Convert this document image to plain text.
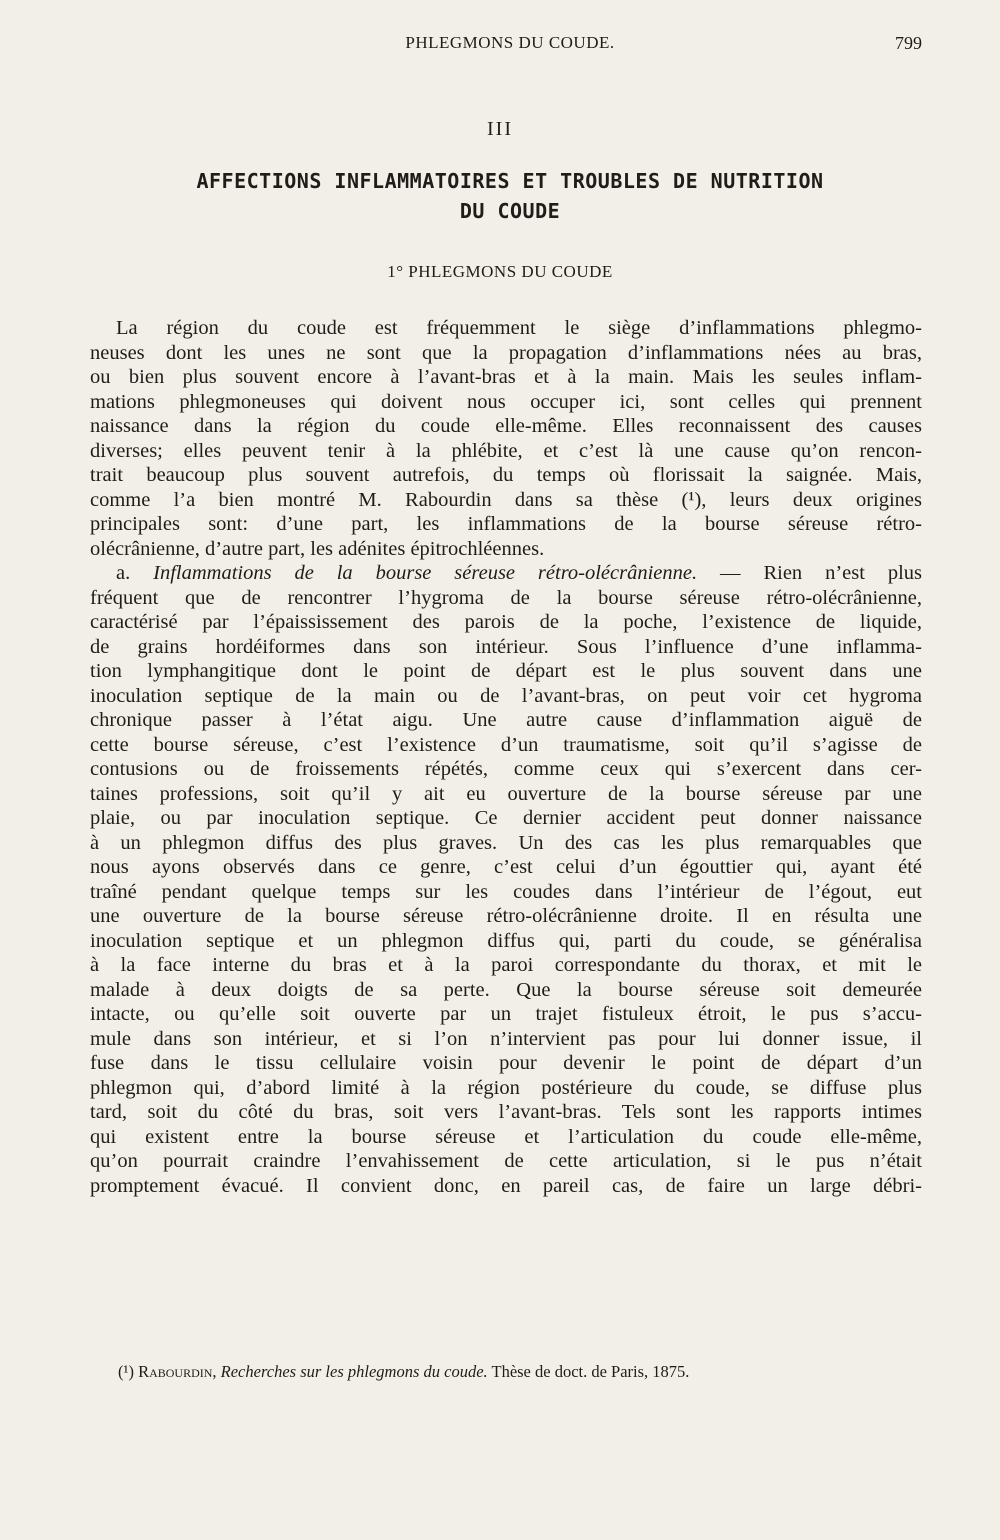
PHLEGMONS DU COUDE.	799
III
AFFECTIONS INFLAMMATOIRES ET TROUBLES DE NUTRITION
DU COUDE
1° PHLEGMONS DU COUDE
La région du coude est fréquemment le siège d’inflammations phlegmo-
neuses dont les unes ne sont que la propagation d’inflammations nées au bras,
ou bien plus souvent encore à l’avant-bras et à la main. Mais les seules inflam-
mations phlegmoneuses qui doivent nous occuper ici, sont celles qui prennent
naissance dans la région du coude elle-même. Elles reconnaissent des causes
diverses; elles peuvent tenir à la phlébite, et c’est là une cause qu’on rencon-
trait beaucoup plus souvent autrefois, du temps où florissait la saignée. Mais,
comme l’a bien montré M. Rabourdin dans sa thèse (¹), leurs deux origines
principales sont: d’une part, les inflammations de la bourse séreuse rétro-
olécrânienne, d’autre part, les adénites épitrochléennes.
a. Inflammations de la bourse séreuse rétro-olécrânienne. — Rien n’est plus
fréquent que de rencontrer l’hygroma de la bourse séreuse rétro-olécrânienne,
caractérisé par l’épaississement des parois de la poche, l’existence de liquide,
de grains hordéiformes dans son intérieur. Sous l’influence d’une inflamma-
tion lymphangitique dont le point de départ est le plus souvent dans une
inoculation septique de la main ou de l’avant-bras, on peut voir cet hygroma
chronique passer à l’état aigu. Une autre cause d’inflammation aiguë de
cette bourse séreuse, c’est l’existence d’un traumatisme, soit qu’il s’agisse de
contusions ou de froissements répétés, comme ceux qui s’exercent dans cer-
taines professions, soit qu’il y ait eu ouverture de la bourse séreuse par une
plaie, ou par inoculation septique. Ce dernier accident peut donner naissance
à un phlegmon diffus des plus graves. Un des cas les plus remarquables que
nous ayons observés dans ce genre, c’est celui d’un égouttier qui, ayant été
traîné pendant quelque temps sur les coudes dans l’intérieur de l’égout, eut
une ouverture de la bourse séreuse rétro-olécrânienne droite. Il en résulta une
inoculation septique et un phlegmon diffus qui, parti du coude, se généralisa
à la face interne du bras et à la paroi correspondante du thorax, et mit le
malade à deux doigts de sa perte. Que la bourse séreuse soit demeurée
intacte, ou qu’elle soit ouverte par un trajet fistuleux étroit, le pus s’accu-
mule dans son intérieur, et si l’on n’intervient pas pour lui donner issue, il
fuse dans le tissu cellulaire voisin pour devenir le point de départ d’un
phlegmon qui, d’abord limité à la région postérieure du coude, se diffuse plus
tard, soit du côté du bras, soit vers l’avant-bras. Tels sont les rapports intimes
qui existent entre la bourse séreuse et l’articulation du coude elle-même,
qu’on pourrait craindre l’envahissement de cette articulation, si le pus n’était
promptement évacué. Il convient donc, en pareil cas, de faire un large débri-
(¹) Rabourdin, Recherches sur les phlegmons du coude. Thèse de doct. de Paris, 1875.
